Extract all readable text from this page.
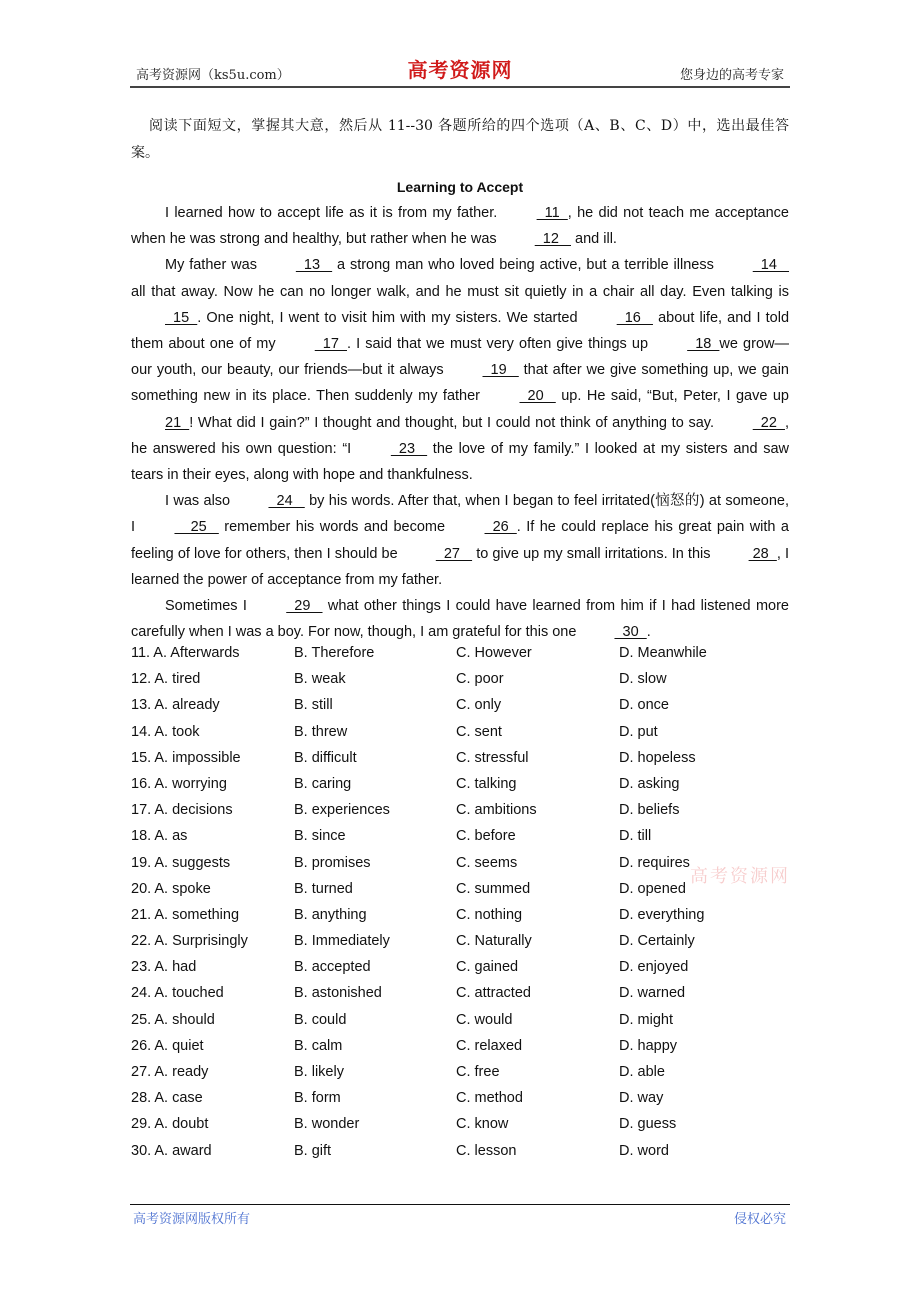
高考资源网（ks5u.com）	高考资源网	您身边的高考专家

阅读下面短文，掌握其大意，然后从 11--30 各题所给的四个选项（A、B、C、D）中，选出最佳答案。

Learning to Accept

I learned how to accept life as it is from my father.   11  , he did not teach me acceptance when he was strong and healthy, but rather when he was   12    and ill.

My father was   13    a strong man who loved being active, but a terrible illness   14    all that away. Now he can no longer walk, and he must sit quietly in a chair all day. Even talking is   15  . One night, I went to visit him with my sisters. We started   16    about life, and I told them about one of my   17  . I said that we must very often give things up   18  we grow—our youth, our beauty, our friends—but it always   19    that after we give something up, we gain something new in its place. Then suddenly my father   20    up. He said, “But, Peter, I gave up 21  ! What did I gain?” I thought and thought, but I could not think of anything to say.   22  , he answered his own question: “I   23    the love of my family.” I looked at my sisters and saw tears in their eyes, along with hope and thankfulness.

I was also   24    by his words. After that, when I began to feel irritated(恼怒的) at someone, I     25    remember his words and become   26  . If he could replace his great pain with a feeling of love for others, then I should be   27    to give up my small irritations. In this  28  , I learned the power of acceptance from my father.

Sometimes I   29    what other things I could have learned from him if I had listened more carefully when I was a boy. For now, though, I am grateful for this one   30  .

11. A. Afterwards	B. Therefore	C. However	D. Meanwhile
12. A. tired	B. weak	C. poor	D. slow
13. A. already	B. still	C. only	D. once
14. A. took	B. threw	C. sent	D. put
15. A. impossible	B. difficult	C. stressful	D. hopeless
16. A. worrying	B. caring	C. talking	D. asking
17. A. decisions	B. experiences	C. ambitions	D. beliefs
18. A. as	B. since	C. before	D. till
19. A. suggests	B. promises	C. seems	D. requires
20. A. spoke	B. turned	C. summed	D. opened
21. A. something	B. anything	C. nothing	D. everything
22. A. Surprisingly	B. Immediately	C. Naturally	D. Certainly
23. A. had	B. accepted	C. gained	D. enjoyed
24. A. touched	B. astonished	C. attracted	D. warned
25. A. should	B. could	C. would	D. might
26. A. quiet	B. calm	C. relaxed	D. happy
27. A. ready	B. likely	C. free	D. able
28. A. case	B. form	C. method	D. way
29. A. doubt	B. wonder	C. know	D. guess
30. A. award	B. gift	C. lesson	D. word
高考资源网
高考资源网版权所有	侵权必究
